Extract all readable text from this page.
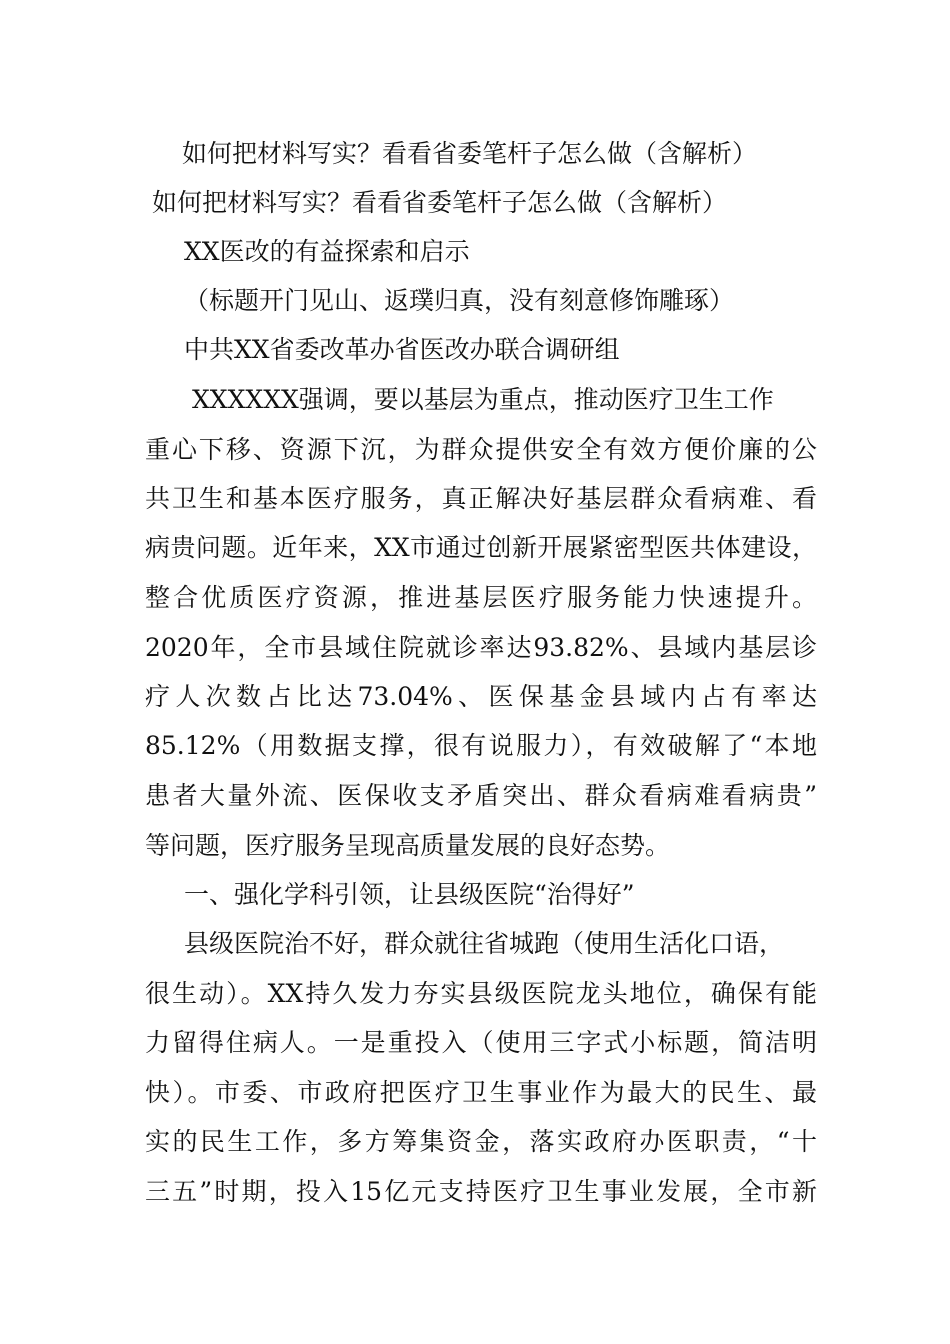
如何把材料写实？看看省委笔杆子怎么做（含解析）
如何把材料写实？看看省委笔杆子怎么做（含解析）
XX医改的有益探索和启示
（标题开门见山、返璞归真，没有刻意修饰雕琢）
中共XX省委改革办省医改办联合调研组
XXXXXX强调，要以基层为重点，推动医疗卫生工作
重心下移、资源下沉，为群众提供安全有效方便价廉的公
共卫生和基本医疗服务，真正解决好基层群众看病难、看
病贵问题。近年来，XX市通过创新开展紧密型医共体建设，
整合优质医疗资源，推进基层医疗服务能力快速提升。
2020年，全市县域住院就诊率达93.82%、县域内基层诊
疗人次数占比达73.04%、医保基金县域内占有率达
85.12%（用数据支撑，很有说服力），有效破解了“本地
患者大量外流、医保收支矛盾突出、群众看病难看病贵”
等问题，医疗服务呈现高质量发展的良好态势。
一、强化学科引领，让县级医院“治得好”
县级医院治不好，群众就往省城跑（使用生活化口语，
很生动）。XX持久发力夯实县级医院龙头地位，确保有能
力留得住病人。一是重投入（使用三字式小标题，简洁明
快）。市委、市政府把医疗卫生事业作为最大的民生、最
实的民生工作，多方筹集资金，落实政府办医职责，“十
三五”时期，投入15亿元支持医疗卫生事业发展，全市新
